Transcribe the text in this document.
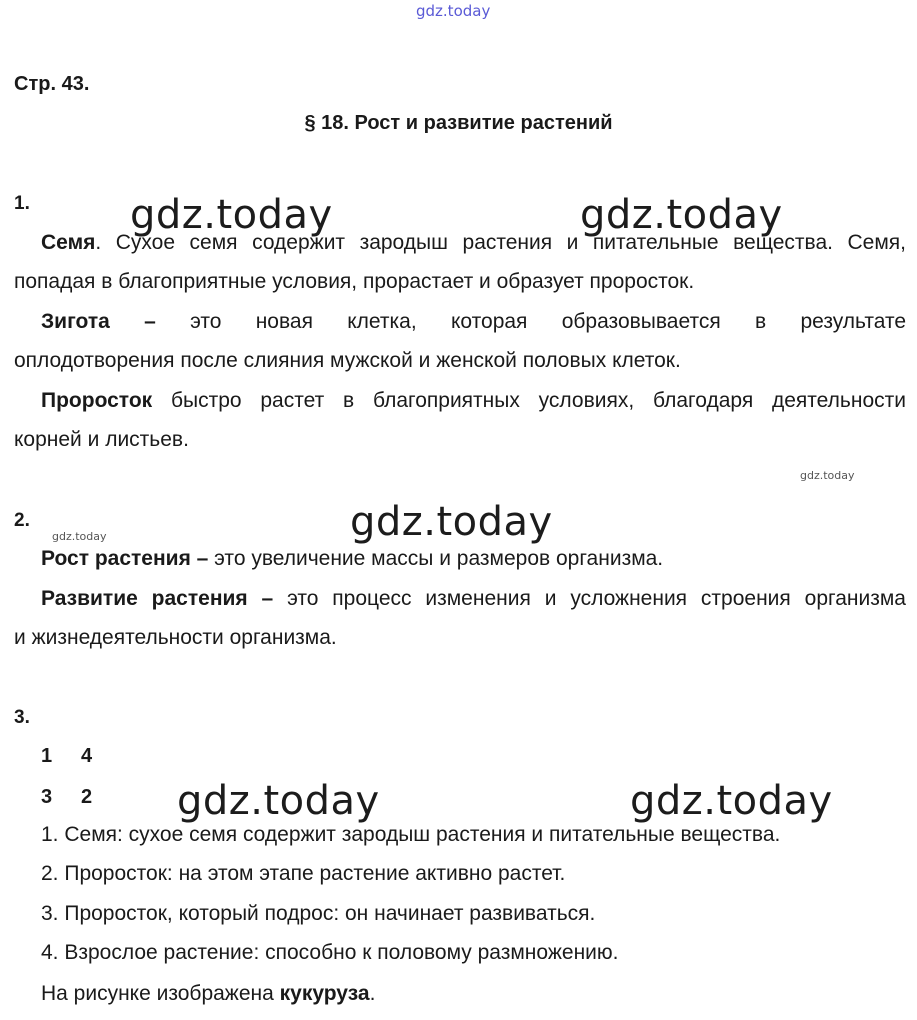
gdz.today
Стр. 43.
§ 18. Рост и развитие растений
1.	gdz.today	gdz.today
Семя. Сухое семя содержит зародыш растения и питательные вещества. Семя,
попадая в благоприятные условия, прорастает и образует проросток.
Зигота – это новая клетка, которая образовывается в результате
оплодотворения после слияния мужской и женской половых клеток.
Проросток быстро растет в благоприятных условиях, благодаря деятельности
корней и листьев.
gdz.today
2.
gdz.today	gdz.today
Рост растения – это увеличение массы и размеров организма.
Развитие растения – это процесс изменения и усложнения строения организма
и жизнедеятельности организма.
3.
1 4
3 2 gdz.today	gdz.today
1. Семя: сухое семя содержит зародыш растения и питательные вещества.
2. Проросток: на этом этапе растение активно растет.
3. Проросток, который подрос: он начинает развиваться.
4. Взрослое растение: способно к половому размножению.
На рисунке изображена кукуруза.
